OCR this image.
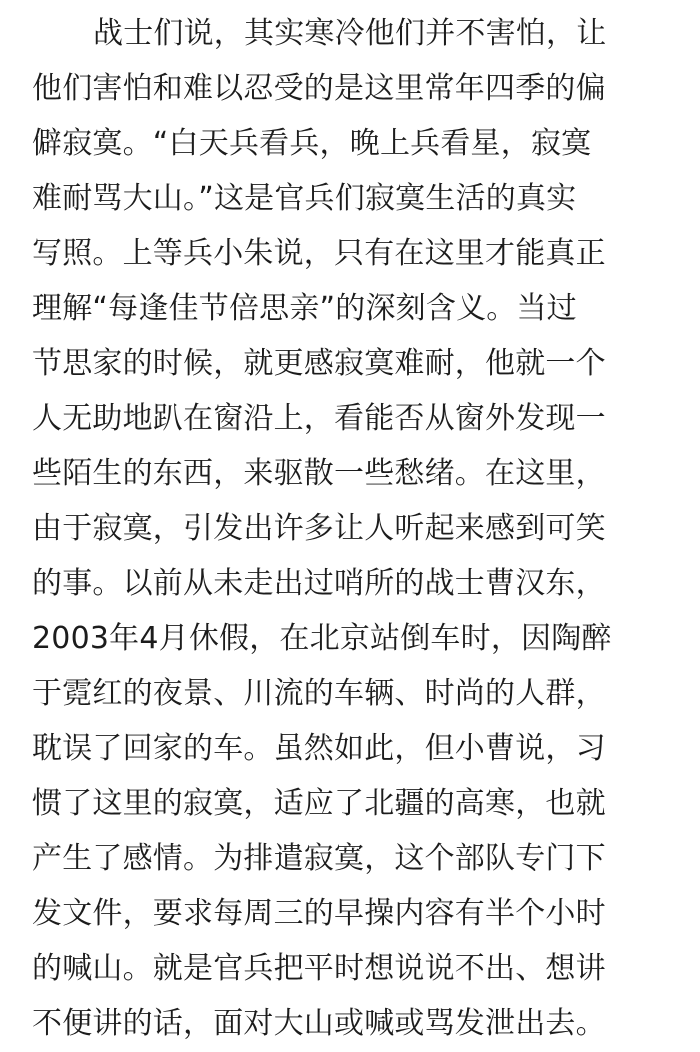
战士们说，其实寒冷他们并不害怕，让
他们害怕和难以忍受的是这里常年四季的偏
僻寂寞。“白天兵看兵，晚上兵看星，寂寞
难耐骂大山。”这是官兵们寂寞生活的真实
写照。上等兵小朱说，只有在这里才能真正
理解“每逢佳节倍思亲”的深刻含义。当过
节思家的时候，就更感寂寞难耐，他就一个
人无助地趴在窗沿上，看能否从窗外发现一
些陌生的东西，来驱散一些愁绪。在这里，
由于寂寞，引发出许多让人听起来感到可笑
的事。以前从未走出过哨所的战士曹汉东，
2003年4月休假，在北京站倒车时，因陶醉
于霓红的夜景、川流的车辆、时尚的人群，
耽误了回家的车。虽然如此，但小曹说，习
惯了这里的寂寞，适应了北疆的高寒，也就
产生了感情。为排遣寂寞，这个部队专门下
发文件，要求每周三的早操内容有半个小时
的喊山。就是官兵把平时想说说不出、想讲
不便讲的话，面对大山或喊或骂发泄出去。
